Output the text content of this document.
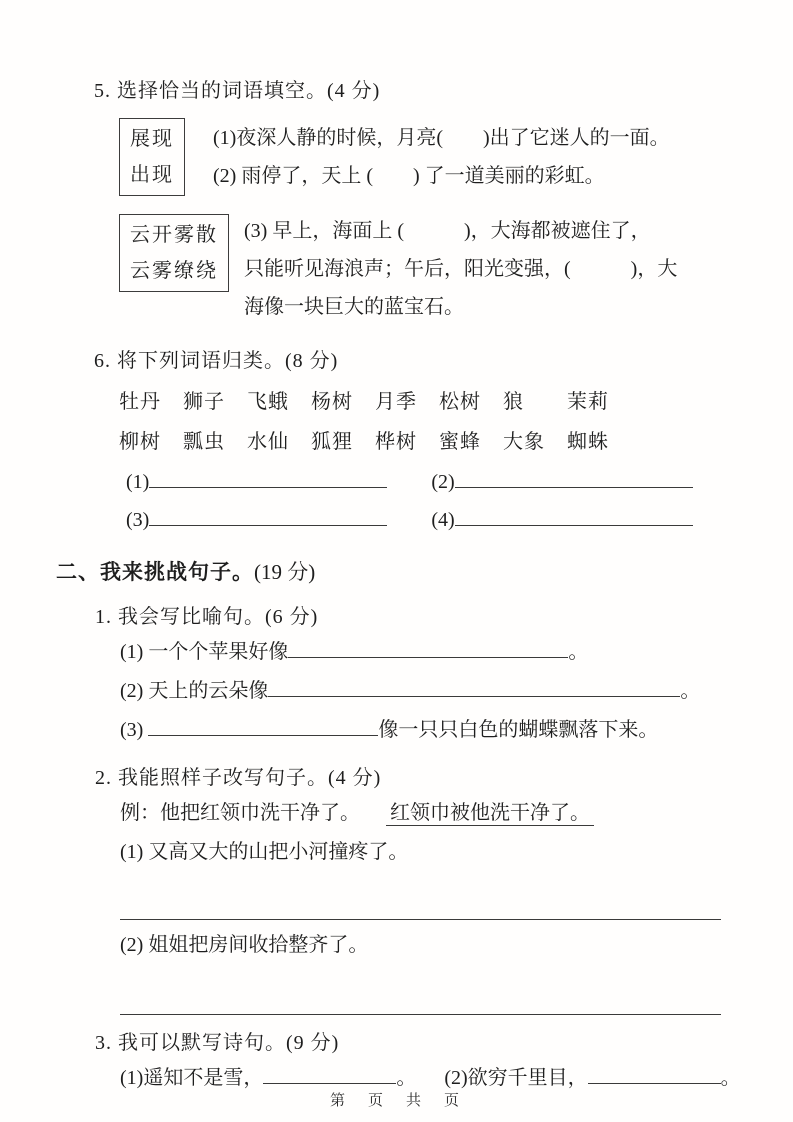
5. 选择恰当的词语填空。(4 分)
展现
出现
(1)夜深人静的时候，月亮(　　)出了它迷人的一面。
(2) 雨停了，天上 (　　) 了一道美丽的彩虹。
云开雾散
云雾缭绕
(3) 早上，海面上 (　　　)，大海都被遮住了，
只能听见海浪声；午后，阳光变强，(　　　)，大
海像一块巨大的蓝宝石。
6. 将下列词语归类。(8 分)
牡丹	狮子	飞蛾	杨树	月季	松树	狼	茉莉
柳树	瓢虫	水仙	狐狸	桦树	蜜蜂	大象	蜘蛛
(1)	(2)
(3)	(4)
二、我来挑战句子。(19 分)
1. 我会写比喻句。(6 分)
(1) 一个个苹果好像	。
(2) 天上的云朵像	。
(3)	像一只只白色的蝴蝶飘落下来。
2. 我能照样子改写句子。(4 分)
例：他把红领巾洗干净了。 红领巾被他洗干净了。
(1) 又高又大的山把小河撞疼了。
(2) 姐姐把房间收拾整齐了。
3. 我可以默写诗句。(9 分)
(1)遥知不是雪，	。 (2)欲穷千里目，	。
第　页　共　页
